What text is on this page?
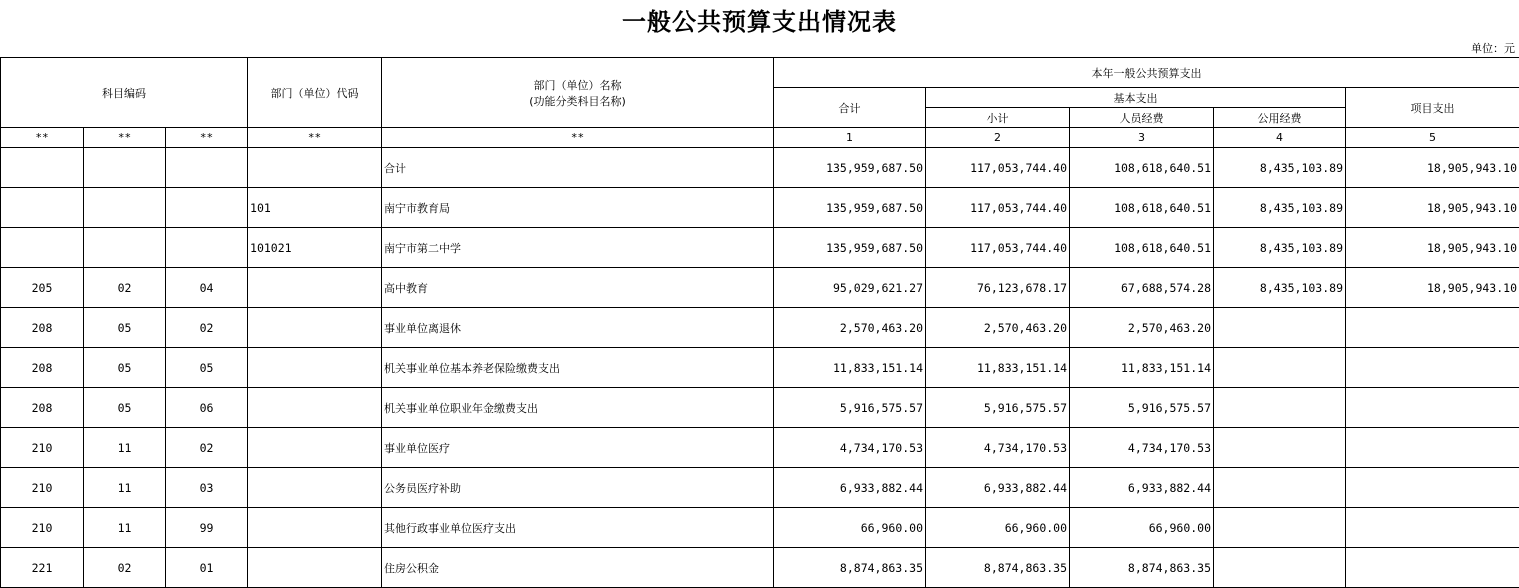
一般公共预算支出情况表
单位：元
科目编码			部门（单位）代码	部门（单位）名称
(功能分类科目名称)	本年一般公共预算支出				
					合计	基本支出			项目支出
						小计	人员经费	公用经费	
**	**	**	**	**	1	2	3	4	5
				合计	135,959,687.50	117,053,744.40	108,618,640.51	8,435,103.89	18,905,943.10
			101	南宁市教育局	135,959,687.50	117,053,744.40	108,618,640.51	8,435,103.89	18,905,943.10
			101021	南宁市第二中学	135,959,687.50	117,053,744.40	108,618,640.51	8,435,103.89	18,905,943.10
205	02	04		高中教育	95,029,621.27	76,123,678.17	67,688,574.28	8,435,103.89	18,905,943.10
208	05	02		事业单位离退休	2,570,463.20	2,570,463.20	2,570,463.20		
208	05	05		机关事业单位基本养老保险缴费支出	11,833,151.14	11,833,151.14	11,833,151.14		
208	05	06		机关事业单位职业年金缴费支出	5,916,575.57	5,916,575.57	5,916,575.57		
210	11	02		事业单位医疗	4,734,170.53	4,734,170.53	4,734,170.53		
210	11	03		公务员医疗补助	6,933,882.44	6,933,882.44	6,933,882.44		
210	11	99		其他行政事业单位医疗支出	66,960.00	66,960.00	66,960.00		
221	02	01		住房公积金	8,874,863.35	8,874,863.35	8,874,863.35		
